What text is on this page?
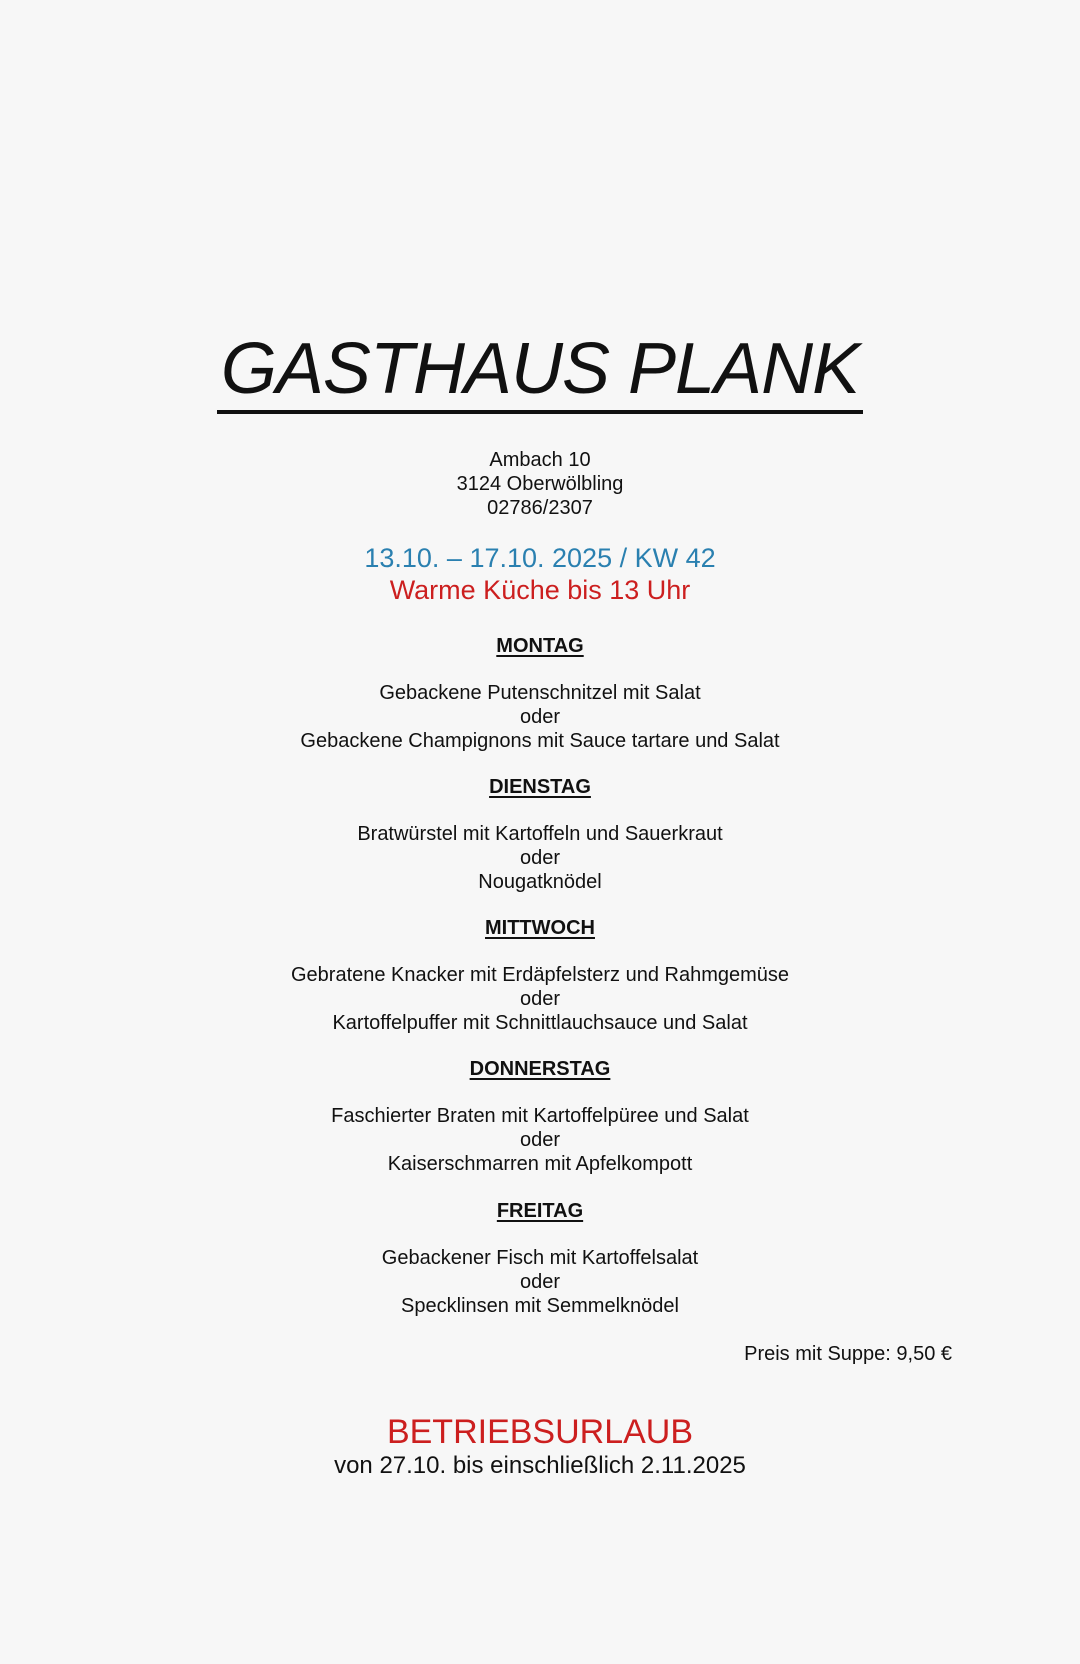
GASTHAUS PLANK
Ambach 10
3124 Oberwölbling
02786/2307
13.10. – 17.10. 2025 / KW 42
Warme Küche bis 13 Uhr
MONTAG
Gebackene Putenschnitzel mit Salat
oder
Gebackene Champignons mit Sauce tartare und Salat
DIENSTAG
Bratwürstel mit Kartoffeln und Sauerkraut
oder
Nougatknödel
MITTWOCH
Gebratene Knacker mit Erdäpfelsterz und Rahmgemüse
oder
Kartoffelpuffer mit Schnittlauchsauce und Salat
DONNERSTAG
Faschierter Braten mit Kartoffelpüree und Salat
oder
Kaiserschmarren mit Apfelkompott
FREITAG
Gebackener Fisch mit Kartoffelsalat
oder
Specklinsen mit Semmelknödel
Preis mit Suppe: 9,50 €
BETRIEBSURLAUB
von 27.10. bis einschließlich 2.11.2025
